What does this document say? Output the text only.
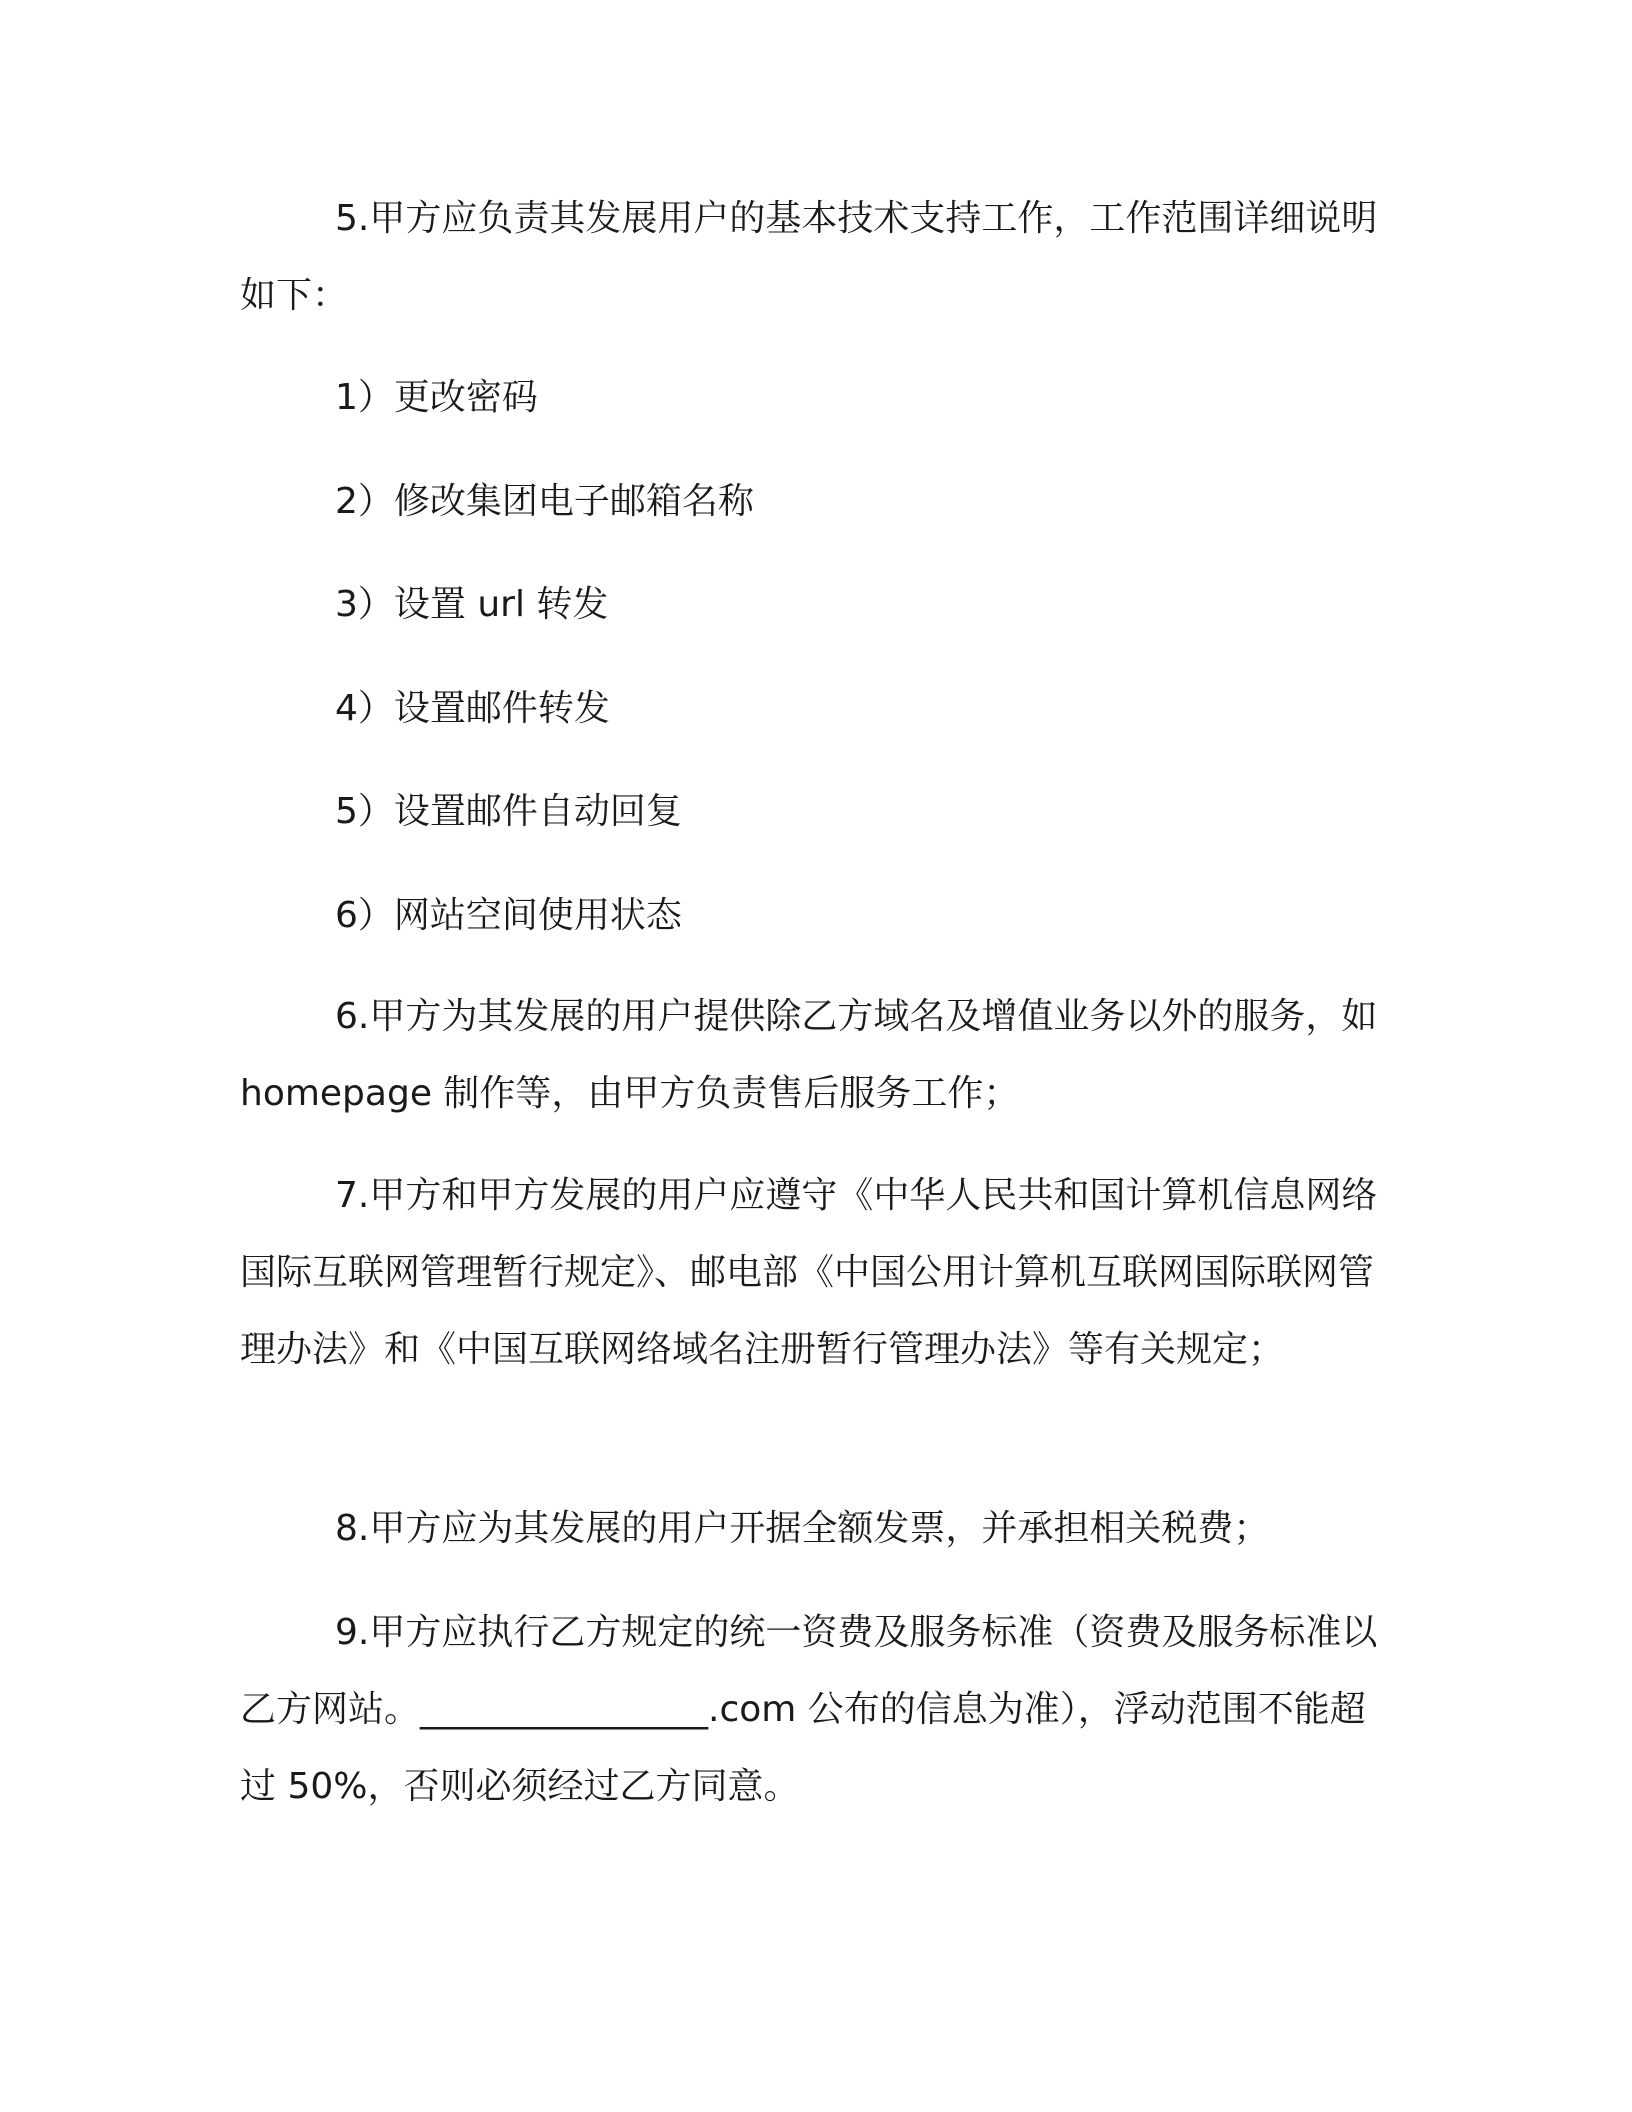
5.甲方应负责其发展用户的基本技术支持工作，工作范围详细说明如下：

1）更改密码

2）修改集团电子邮箱名称

3）设置 url 转发

4）设置邮件转发

5）设置邮件自动回复

6）网站空间使用状态

6.甲方为其发展的用户提供除乙方域名及增值业务以外的服务，如 homepage 制作等，由甲方负责售后服务工作；

7.甲方和甲方发展的用户应遵守《中华人民共和国计算机信息网络国际互联网管理暂行规定》、邮电部《中国公用计算机互联网国际联网管理办法》和《中国互联网络域名注册暂行管理办法》等有关规定；

8.甲方应为其发展的用户开据全额发票，并承担相关税费；

9.甲方应执行乙方规定的统一资费及服务标准（资费及服务标准以乙方网站。________________.com 公布的信息为准），浮动范围不能超过 50%，否则必须经过乙方同意。
